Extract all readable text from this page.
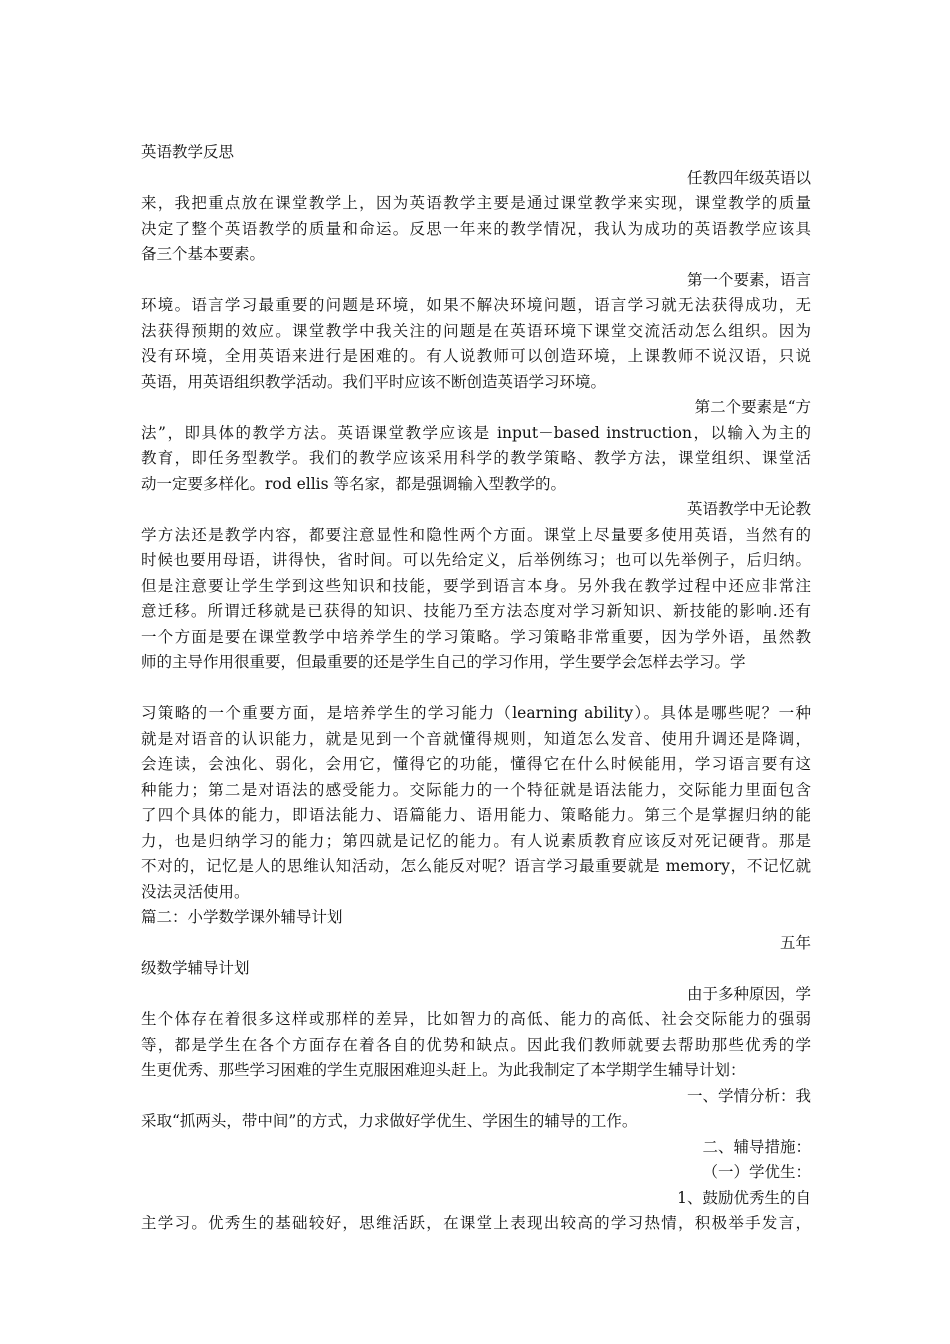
英语教学反思
任教四年级英语以
来，我把重点放在课堂教学上，因为英语教学主要是通过课堂教学来实现，课堂教学的质量
决定了整个英语教学的质量和命运。反思一年来的教学情况，我认为成功的英语教学应该具
备三个基本要素。
第一个要素，语言
环境。语言学习最重要的问题是环境，如果不解决环境问题，语言学习就无法获得成功，无
法获得预期的效应。课堂教学中我关注的问题是在英语环境下课堂交流活动怎么组织。因为
没有环境，全用英语来进行是困难的。有人说教师可以创造环境，上课教师不说汉语，只说
英语，用英语组织教学活动。我们平时应该不断创造英语学习环境。
第二个要素是“方
法”，即具体的教学方法。英语课堂教学应该是 input－based instruction，以输入为主的
教育，即任务型教学。我们的教学应该采用科学的教学策略、教学方法，课堂组织、课堂活
动一定要多样化。rod ellis 等名家，都是强调输入型教学的。
英语教学中无论教
学方法还是教学内容，都要注意显性和隐性两个方面。课堂上尽量要多使用英语，当然有的
时候也要用母语，讲得快，省时间。可以先给定义，后举例练习；也可以先举例子，后归纳。
但是注意要让学生学到这些知识和技能，要学到语言本身。另外我在教学过程中还应非常注
意迁移。所谓迁移就是已获得的知识、技能乃至方法态度对学习新知识、新技能的影响.还有
一个方面是要在课堂教学中培养学生的学习策略。学习策略非常重要，因为学外语，虽然教
师的主导作用很重要，但最重要的还是学生自己的学习作用，学生要学会怎样去学习。学
习策略的一个重要方面，是培养学生的学习能力（learning ability）。具体是哪些呢？一种
就是对语音的认识能力，就是见到一个音就懂得规则，知道怎么发音、使用升调还是降调，
会连读，会浊化、弱化，会用它，懂得它的功能，懂得它在什么时候能用，学习语言要有这
种能力；第二是对语法的感受能力。交际能力的一个特征就是语法能力，交际能力里面包含
了四个具体的能力，即语法能力、语篇能力、语用能力、策略能力。第三个是掌握归纳的能
力，也是归纳学习的能力；第四就是记忆的能力。有人说素质教育应该反对死记硬背。那是
不对的，记忆是人的思维认知活动，怎么能反对呢？语言学习最重要就是 memory，不记忆就
没法灵活使用。
篇二：小学数学课外辅导计划
五年
级数学辅导计划
由于多种原因，学
生个体存在着很多这样或那样的差异，比如智力的高低、能力的高低、社会交际能力的强弱
等，都是学生在各个方面存在着各自的优势和缺点。因此我们教师就要去帮助那些优秀的学
生更优秀、那些学习困难的学生克服困难迎头赶上。为此我制定了本学期学生辅导计划：
一、学情分析：我
采取“抓两头，带中间”的方式，力求做好学优生、学困生的辅导的工作。
二、辅导措施：
（一）学优生：
1、鼓励优秀生的自
主学习。优秀生的基础较好，思维活跃，在课堂上表现出较高的学习热情，积极举手发言，
